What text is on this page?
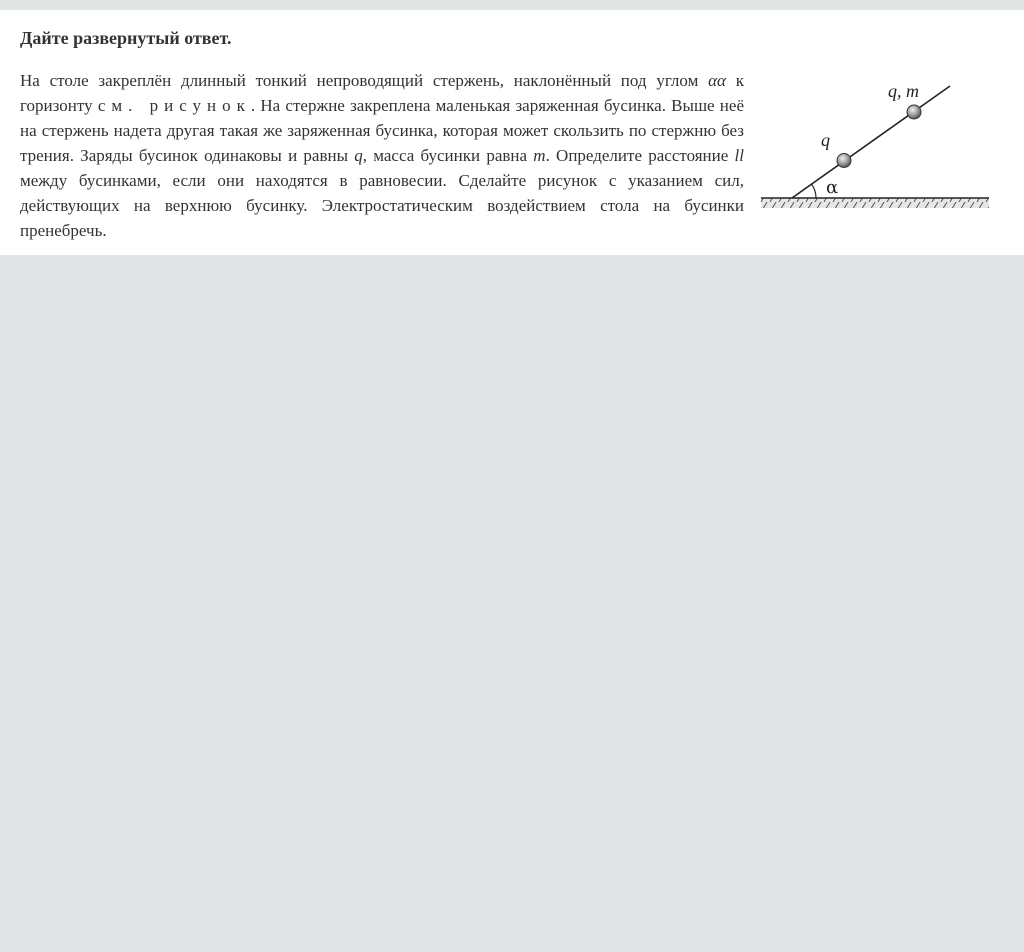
Дайте развернутый ответ.
На столе закреплён длинный тонкий непроводящий стержень, наклонённый под углом αα к горизонту см. рисунок. На стержне закреплена маленькая заряженная бусинка. Выше неё на стержень надета другая такая же заряженная бусинка, которая может скользить по стержню без трения. Заряды бусинок одинаковы и равны q, масса бусинки равна m. Определите расстояние ll между бусинками, если они находятся в равновесии. Сделайте рисунок с указанием сил, действующих на верхнюю бусинку. Электростатическим воздействием стола на бусинки пренебречь.
q, m
q
α
